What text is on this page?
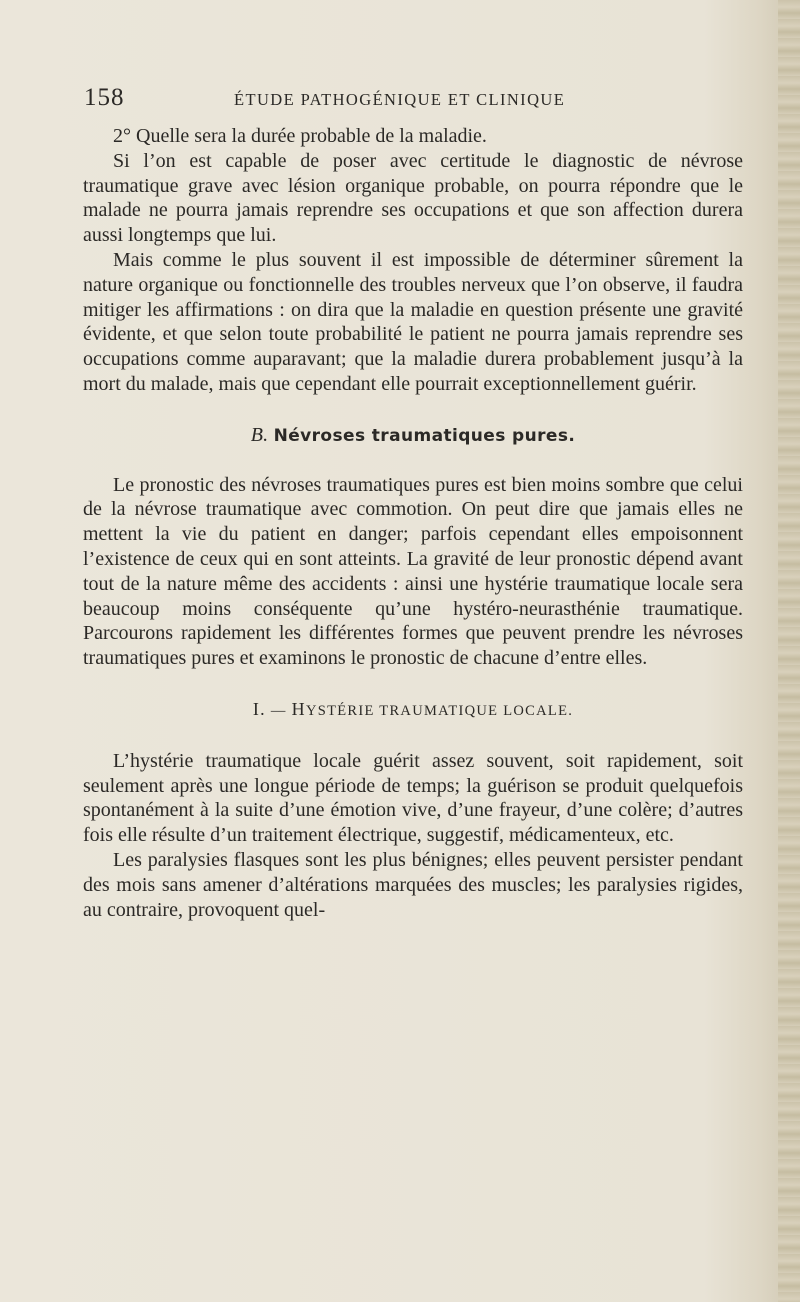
158	ÉTUDE PATHOGÉNIQUE ET CLINIQUE

2° Quelle sera la durée probable de la maladie.

Si l’on est capable de poser avec certitude le diagnostic de névrose traumatique grave avec lésion organique probable, on pourra répondre que le malade ne pourra jamais reprendre ses occupations et que son affection durera aussi longtemps que lui.

Mais comme le plus souvent il est impossible de déterminer sûrement la nature organique ou fonctionnelle des troubles nerveux que l’on observe, il faudra mitiger les affirmations : on dira que la maladie en question présente une gravité évidente, et que selon toute probabilité le patient ne pourra jamais reprendre ses occupations comme auparavant; que la maladie durera probablement jusqu’à la mort du malade, mais que cependant elle pourrait exceptionnellement guérir.

B. Névroses traumatiques pures.

Le pronostic des névroses traumatiques pures est bien moins sombre que celui de la névrose traumatique avec commotion. On peut dire que jamais elles ne mettent la vie du patient en danger; parfois cependant elles empoisonnent l’existence de ceux qui en sont atteints. La gravité de leur pronostic dépend avant tout de la nature même des accidents : ainsi une hystérie traumatique locale sera beaucoup moins conséquente qu’une hystéro-neurasthénie traumatique. Parcourons rapidement les différentes formes que peuvent prendre les névroses traumatiques pures et examinons le pronostic de chacune d’entre elles.

I. — HYSTÉRIE TRAUMATIQUE LOCALE.

L’hystérie traumatique locale guérit assez souvent, soit rapidement, soit seulement après une longue période de temps; la guérison se produit quelquefois spontanément à la suite d’une émotion vive, d’une frayeur, d’une colère; d’autres fois elle résulte d’un traitement électrique, suggestif, médicamenteux, etc.

Les paralysies flasques sont les plus bénignes; elles peuvent persister pendant des mois sans amener d’altérations marquées des muscles; les paralysies rigides, au contraire, provoquent quel-
